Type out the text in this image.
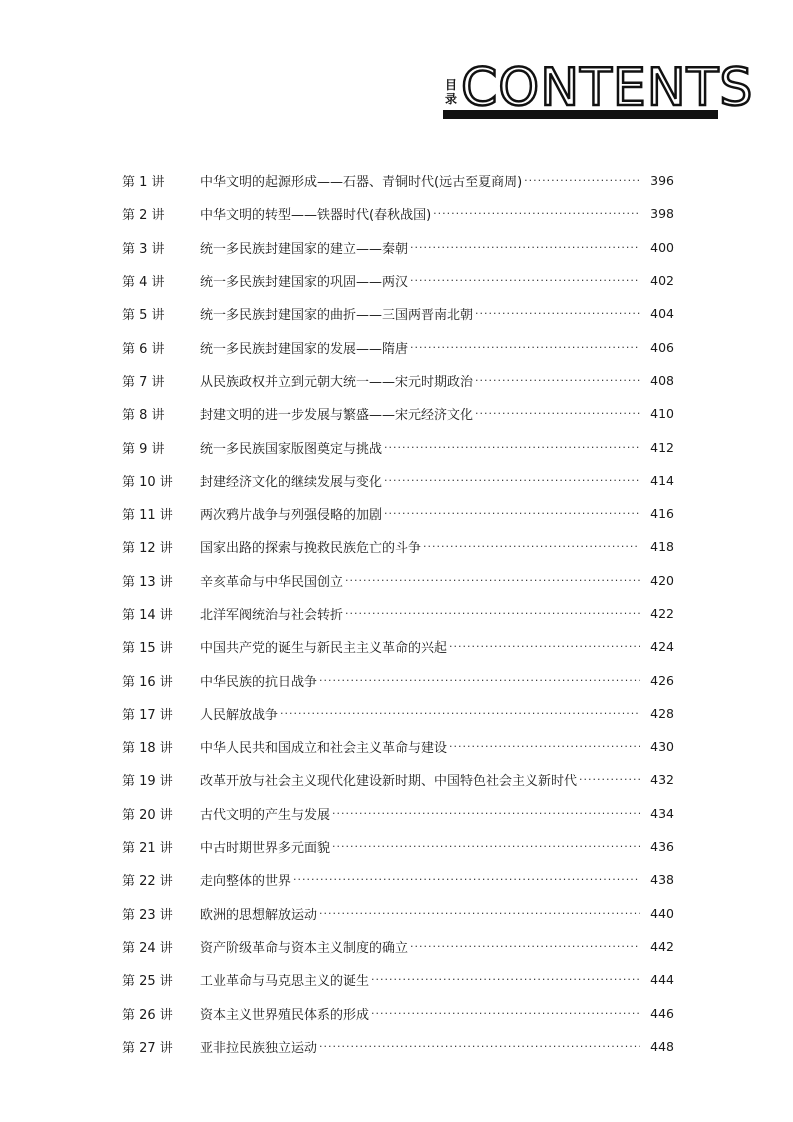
目
录 CONTENTS
第 1 讲	中华文明的起源形成——石器、青铜时代(远古至夏商周) ·····	396
第 2 讲	中华文明的转型——铁器时代(春秋战国) ·····	398
第 3 讲	统一多民族封建国家的建立——秦朝 ·····	400
第 4 讲	统一多民族封建国家的巩固——两汉 ·····	402
第 5 讲	统一多民族封建国家的曲折——三国两晋南北朝 ·····	404
第 6 讲	统一多民族封建国家的发展——隋唐 ·····	406
第 7 讲	从民族政权并立到元朝大统一——宋元时期政治 ·····	408
第 8 讲	封建文明的进一步发展与繁盛——宋元经济文化 ·····	410
第 9 讲	统一多民族国家版图奠定与挑战 ·····	412
第 10 讲	封建经济文化的继续发展与变化 ·····	414
第 11 讲	两次鸦片战争与列强侵略的加剧 ·····	416
第 12 讲	国家出路的探索与挽救民族危亡的斗争 ·····	418
第 13 讲	辛亥革命与中华民国创立 ·····	420
第 14 讲	北洋军阀统治与社会转折 ·····	422
第 15 讲	中国共产党的诞生与新民主主义革命的兴起 ·····	424
第 16 讲	中华民族的抗日战争 ·····	426
第 17 讲	人民解放战争 ·····	428
第 18 讲	中华人民共和国成立和社会主义革命与建设 ·····	430
第 19 讲	改革开放与社会主义现代化建设新时期、中国特色社会主义新时代 ·····	432
第 20 讲	古代文明的产生与发展 ·····	434
第 21 讲	中古时期世界多元面貌 ·····	436
第 22 讲	走向整体的世界 ·····	438
第 23 讲	欧洲的思想解放运动 ·····	440
第 24 讲	资产阶级革命与资本主义制度的确立 ·····	442
第 25 讲	工业革命与马克思主义的诞生 ·····	444
第 26 讲	资本主义世界殖民体系的形成 ·····	446
第 27 讲	亚非拉民族独立运动 ·····	448
